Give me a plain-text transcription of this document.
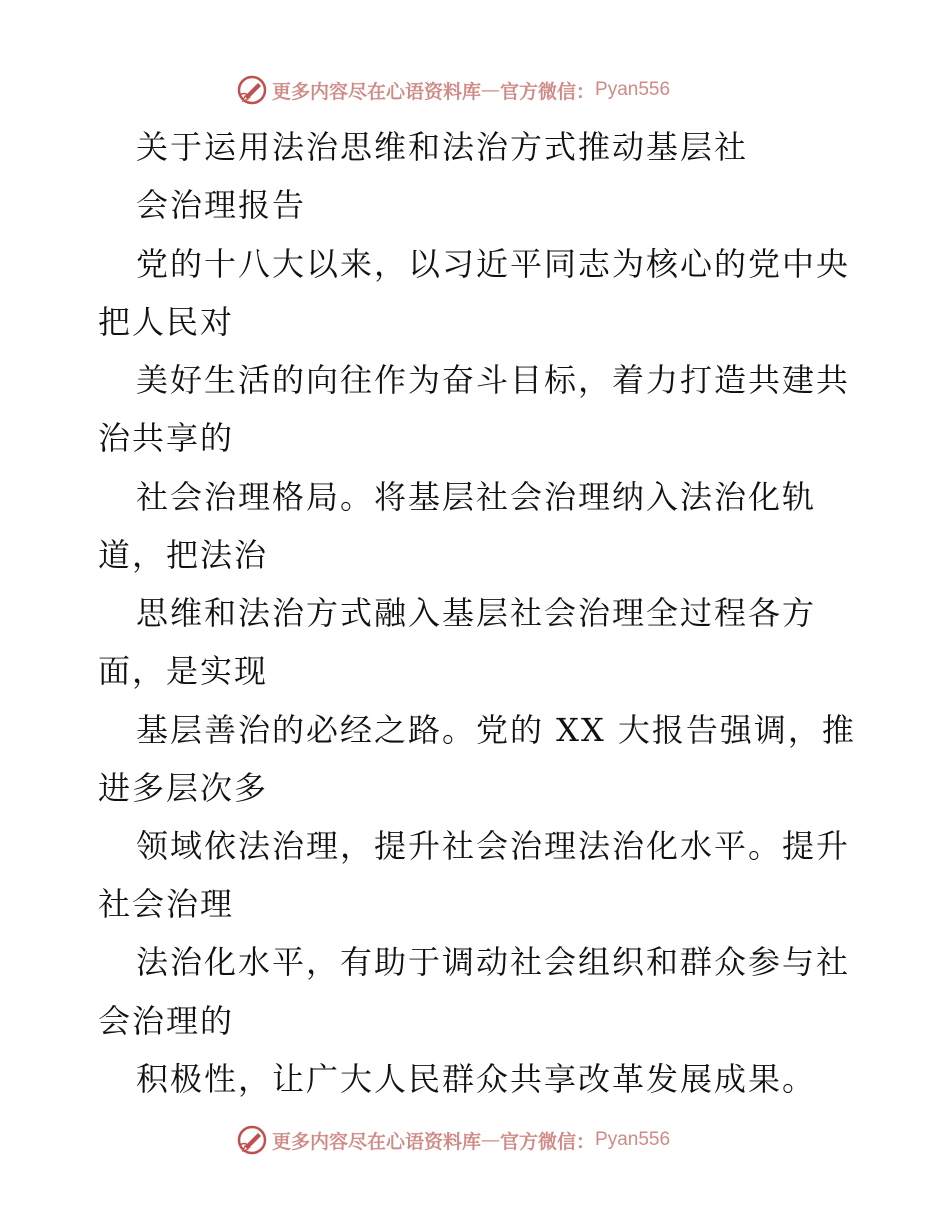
更多内容尽在心语资料库 — 官方微信： Pyan556

关于运用法治思维和法治方式推动基层社

会治理报告

党的十八大以来，以习近平同志为核心的党中央

把人民对

美好生活的向往作为奋斗目标，着力打造共建共

治共享的

社会治理格局。将基层社会治理纳入法治化轨

道，把法治

思维和法治方式融入基层社会治理全过程各方

面，是实现

基层善治的必经之路。党的 XX 大报告强调，推

进多层次多

领域依法治理，提升社会治理法治化水平。提升

社会治理

法治化水平，有助于调动社会组织和群众参与社

会治理的

积极性，让广大人民群众共享改革发展成果。

更多内容尽在心语资料库 — 官方微信： Pyan556
